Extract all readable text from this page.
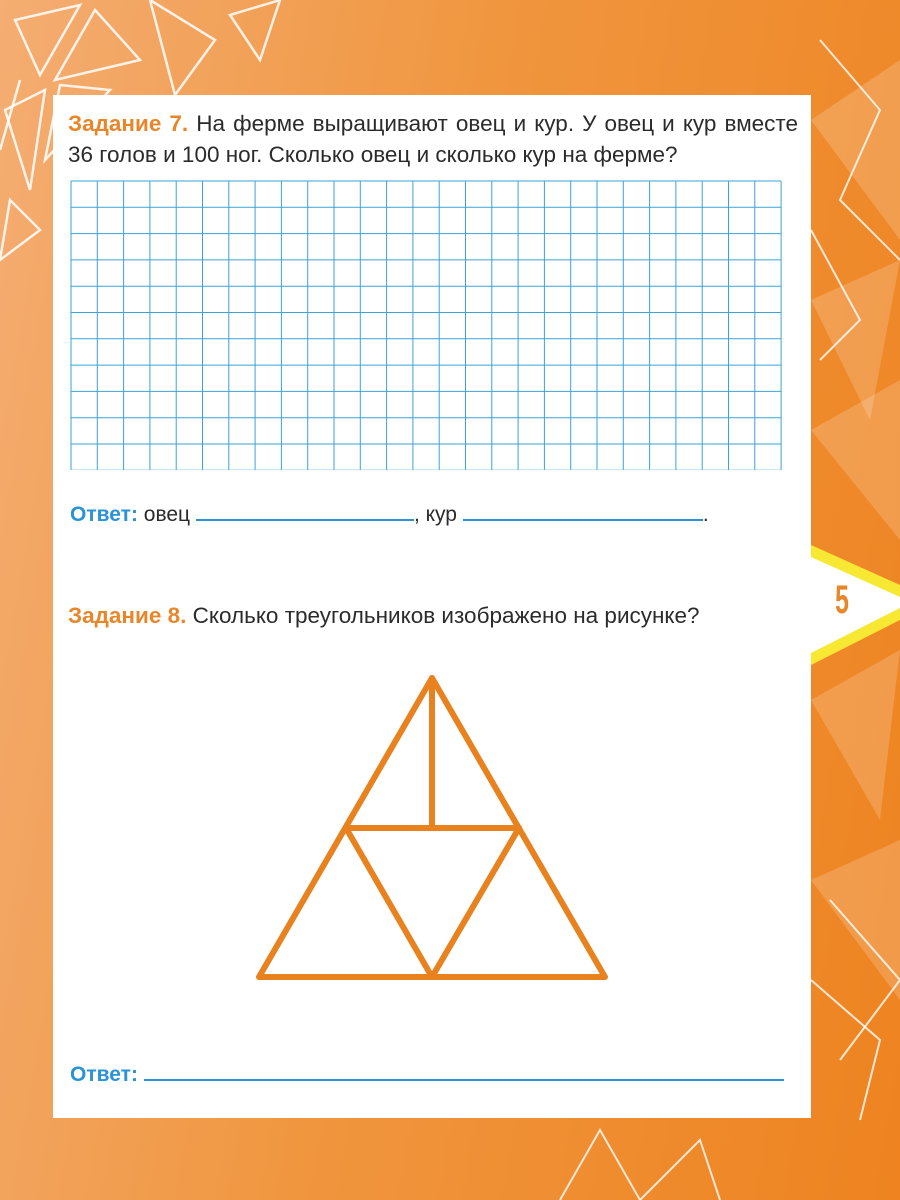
5
Задание 7. На ферме выращивают овец и кур. У овец и кур вместе 36 голов и 100 ног. Сколько овец и сколько кур на ферме?
Ответ: овец	, кур	.
Задание 8. Сколько треугольников изображено на рисунке?
Ответ:
